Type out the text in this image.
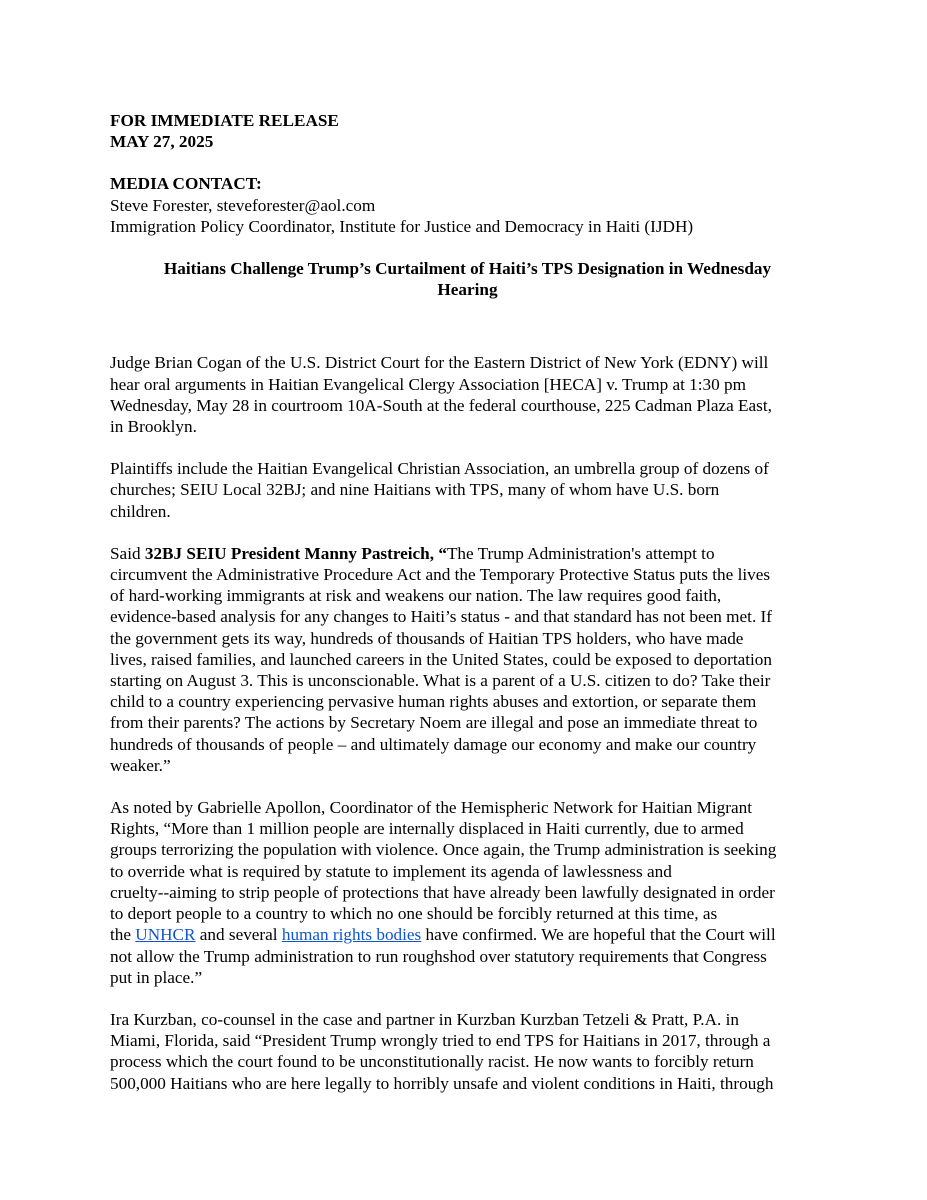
FOR IMMEDIATE RELEASE
MAY 27, 2025
MEDIA CONTACT:
Steve Forester, steveforester@aol.com
Immigration Policy Coordinator, Institute for Justice and Democracy in Haiti (IJDH)
Haitians Challenge Trump’s Curtailment of Haiti’s TPS Designation in Wednesday
Hearing
Judge Brian Cogan of the U.S. District Court for the Eastern District of New York (EDNY) will
hear oral arguments in Haitian Evangelical Clergy Association [HECA] v. Trump at 1:30 pm
Wednesday, May 28 in courtroom 10A-South at the federal courthouse, 225 Cadman Plaza East,
in Brooklyn.
Plaintiffs include the Haitian Evangelical Christian Association, an umbrella group of dozens of
churches; SEIU Local 32BJ; and nine Haitians with TPS, many of whom have U.S. born
children.
Said 32BJ SEIU President Manny Pastreich, “The Trump Administration's attempt to
circumvent the Administrative Procedure Act and the Temporary Protective Status puts the lives
of hard-working immigrants at risk and weakens our nation. The law requires good faith,
evidence-based analysis for any changes to Haiti’s status - and that standard has not been met. If
the government gets its way, hundreds of thousands of Haitian TPS holders, who have made
lives, raised families, and launched careers in the United States, could be exposed to deportation
starting on August 3. This is unconscionable. What is a parent of a U.S. citizen to do? Take their
child to a country experiencing pervasive human rights abuses and extortion, or separate them
from their parents? The actions by Secretary Noem are illegal and pose an immediate threat to
hundreds of thousands of people – and ultimately damage our economy and make our country
weaker.”
As noted by Gabrielle Apollon, Coordinator of the Hemispheric Network for Haitian Migrant
Rights, “More than 1 million people are internally displaced in Haiti currently, due to armed
groups terrorizing the population with violence. Once again, the Trump administration is seeking
to override what is required by statute to implement its agenda of lawlessness and
cruelty--aiming to strip people of protections that have already been lawfully designated in order
to deport people to a country to which no one should be forcibly returned at this time, as
the UNHCR and several human rights bodies have confirmed. We are hopeful that the Court will
not allow the Trump administration to run roughshod over statutory requirements that Congress
put in place.”
Ira Kurzban, co-counsel in the case and partner in Kurzban Kurzban Tetzeli & Pratt, P.A. in
Miami, Florida, said “President Trump wrongly tried to end TPS for Haitians in 2017, through a
process which the court found to be unconstitutionally racist. He now wants to forcibly return
500,000 Haitians who are here legally to horribly unsafe and violent conditions in Haiti, through
